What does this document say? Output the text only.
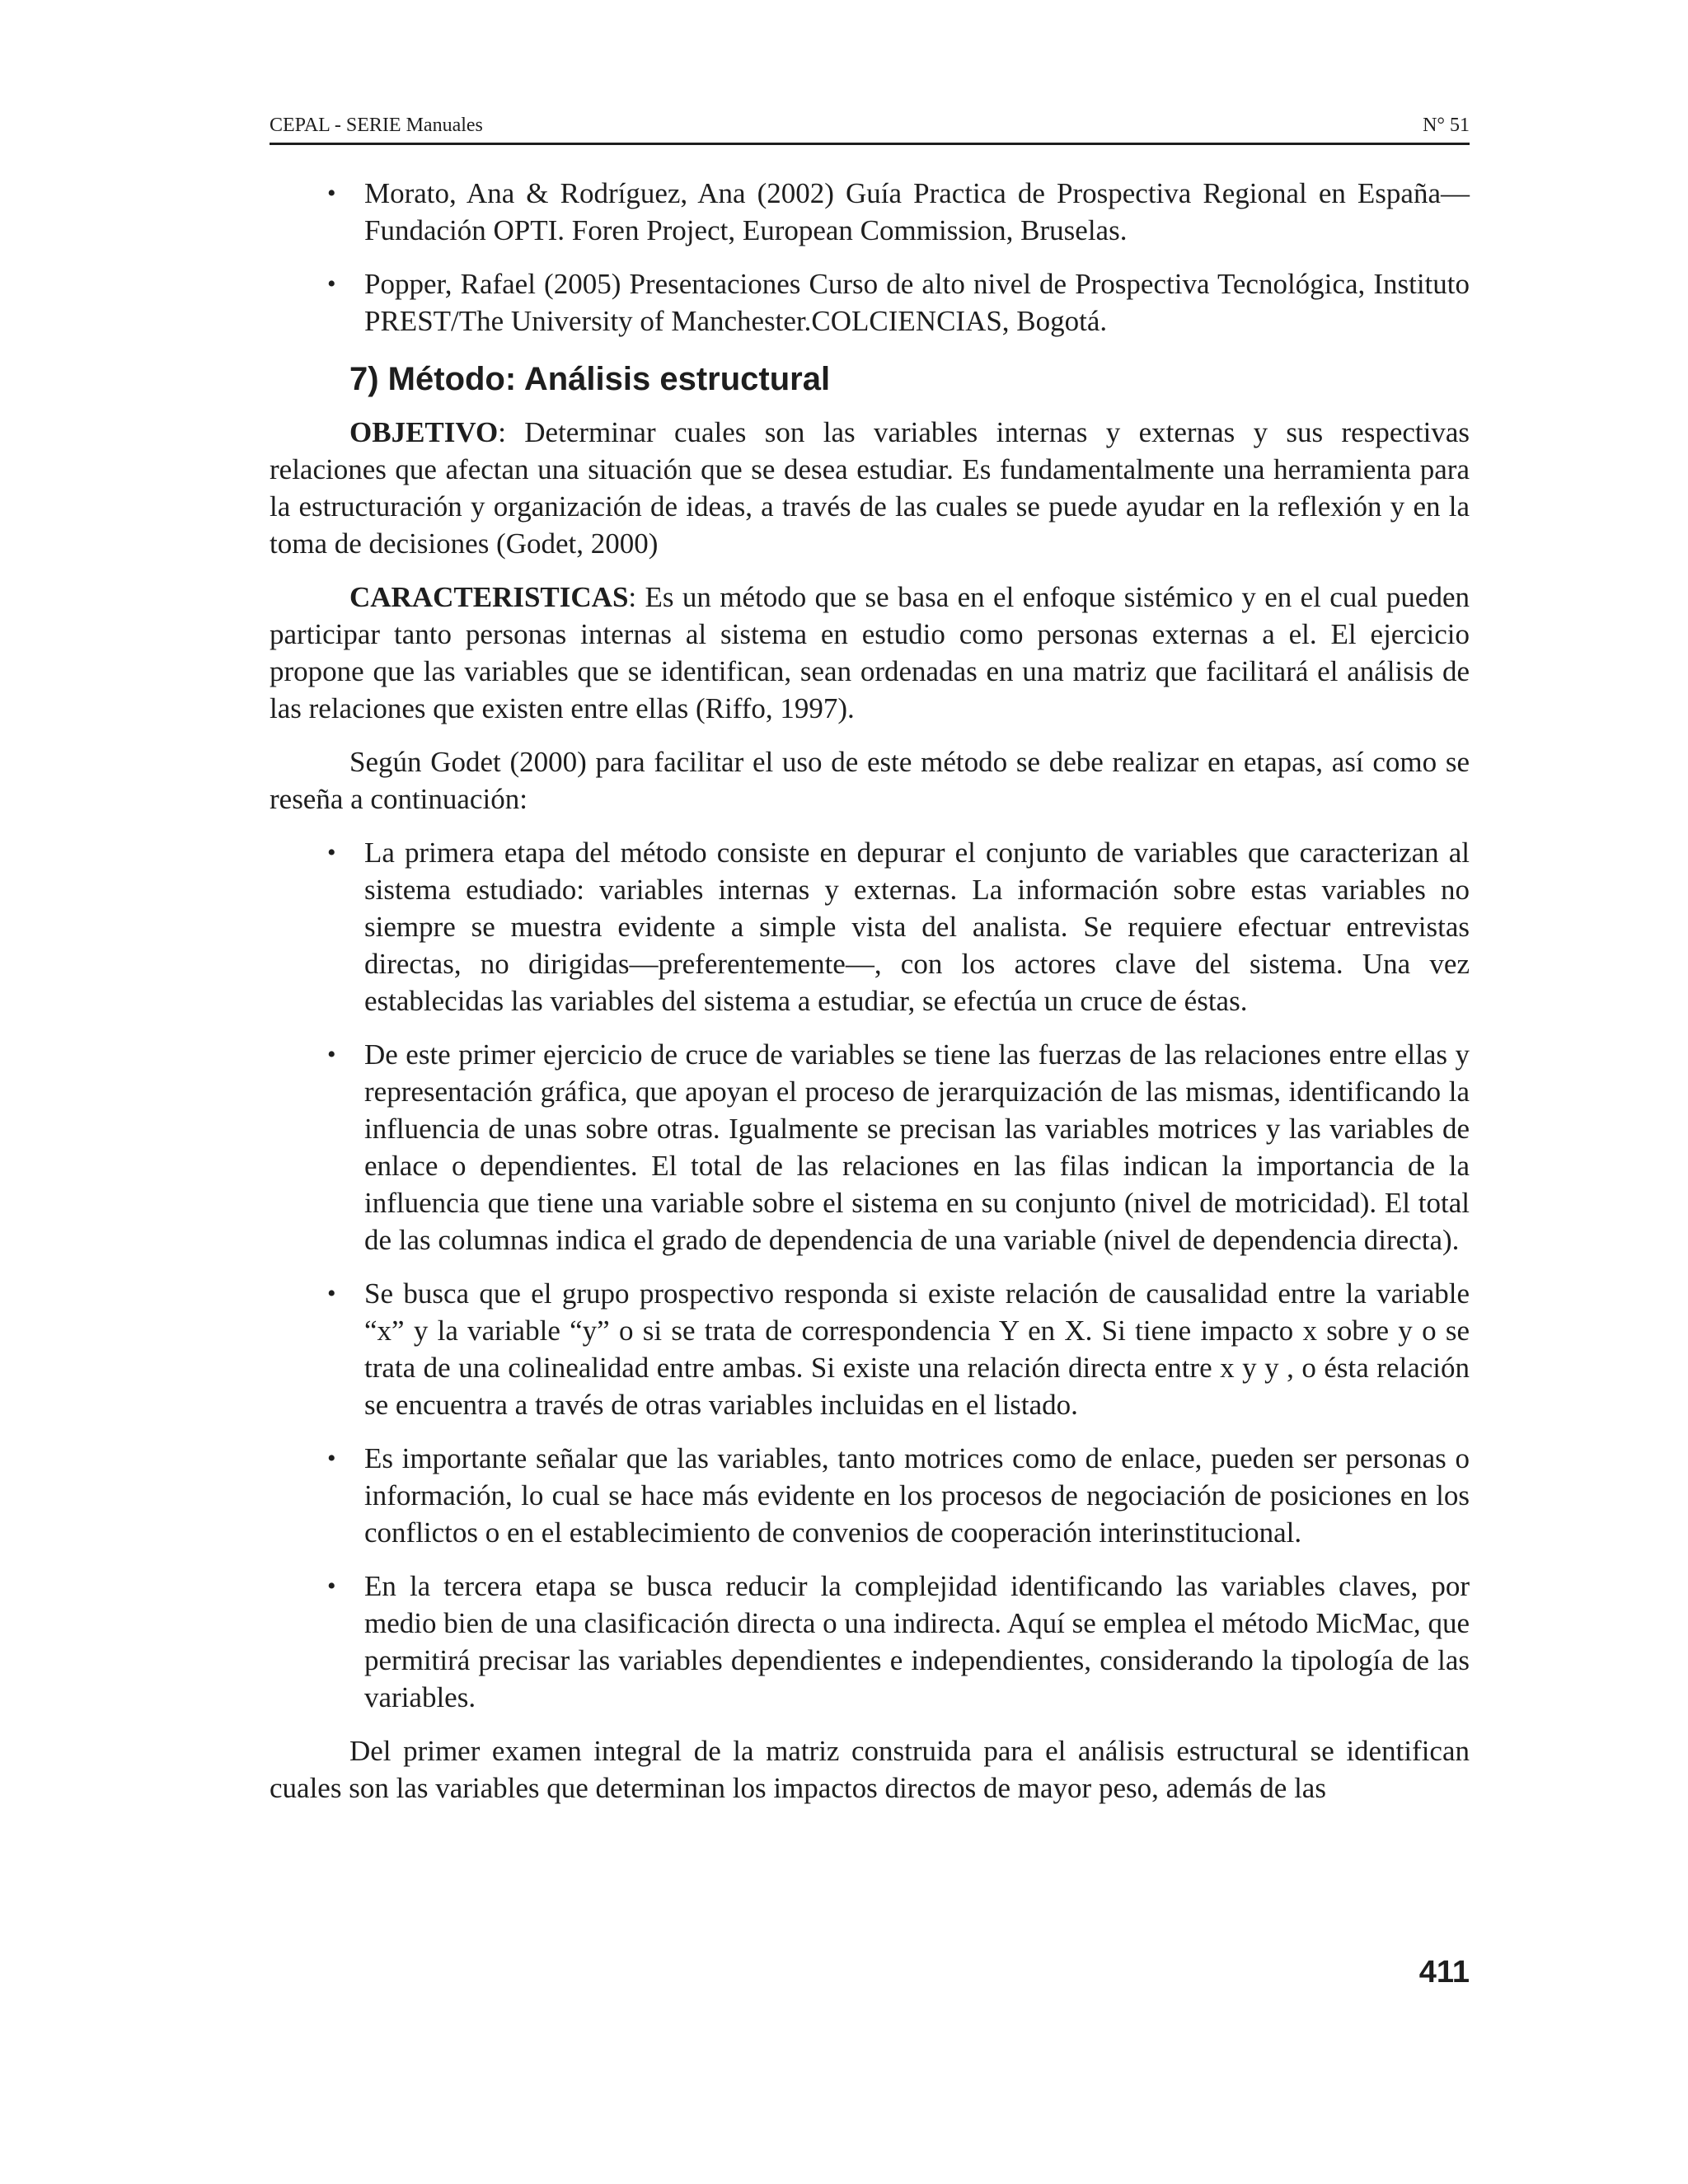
CEPAL - SERIE Manuales	N° 51
• Morato, Ana & Rodríguez, Ana (2002) Guía Practica de Prospectiva Regional en España—Fundación OPTI. Foren Project, European Commission, Bruselas.
• Popper, Rafael (2005) Presentaciones Curso de alto nivel de Prospectiva Tecnológica, Instituto PREST/The University of Manchester.COLCIENCIAS, Bogotá.
7) Método: Análisis estructural

OBJETIVO: Determinar cuales son las variables internas y externas y sus respectivas relaciones que afectan una situación que se desea estudiar. Es fundamentalmente una herramienta para la estructuración y organización de ideas, a través de las cuales se puede ayudar en la reflexión y en la toma de decisiones (Godet, 2000)

CARACTERISTICAS: Es un método que se basa en el enfoque sistémico y en el cual pueden participar tanto personas internas al sistema en estudio como personas externas a el. El ejercicio propone que las variables que se identifican, sean ordenadas en una matriz que facilitará el análisis de las relaciones que existen entre ellas (Riffo, 1997).

Según Godet (2000) para facilitar el uso de este método se debe realizar en etapas, así como se reseña a continuación:

• La primera etapa del método consiste en depurar el conjunto de variables que caracterizan al sistema estudiado: variables internas y externas. La información sobre estas variables no siempre se muestra evidente a simple vista del analista. Se requiere efectuar entrevistas directas, no dirigidas—preferentemente—, con los actores clave del sistema. Una vez establecidas las variables del sistema a estudiar, se efectúa un cruce de éstas.
• De este primer ejercicio de cruce de variables se tiene las fuerzas de las relaciones entre ellas y representación gráfica, que apoyan el proceso de jerarquización de las mismas, identificando la influencia de unas sobre otras. Igualmente se precisan las variables motrices y las variables de enlace o dependientes. El total de las relaciones en las filas indican la importancia de la influencia que tiene una variable sobre el sistema en su conjunto (nivel de motricidad). El total de las columnas indica el grado de dependencia de una variable (nivel de dependencia directa).
• Se busca que el grupo prospectivo responda si existe relación de causalidad entre la variable “x” y la variable “y” o si se trata de correspondencia Y en X. Si tiene impacto x sobre y o se trata de una colinealidad entre ambas. Si existe una relación directa entre x y y , o ésta relación se encuentra a través de otras variables incluidas en el listado.
• Es importante señalar que las variables, tanto motrices como de enlace, pueden ser personas o información, lo cual se hace más evidente en los procesos de negociación de posiciones en los conflictos o en el establecimiento de convenios de cooperación interinstitucional.
• En la tercera etapa se busca reducir la complejidad identificando las variables claves, por medio bien de una clasificación directa o una indirecta. Aquí se emplea el método MicMac, que permitirá precisar las variables dependientes e independientes, considerando la tipología de las variables.

Del primer examen integral de la matriz construida para el análisis estructural se identifican cuales son las variables que determinan los impactos directos de mayor peso, además de las

411
